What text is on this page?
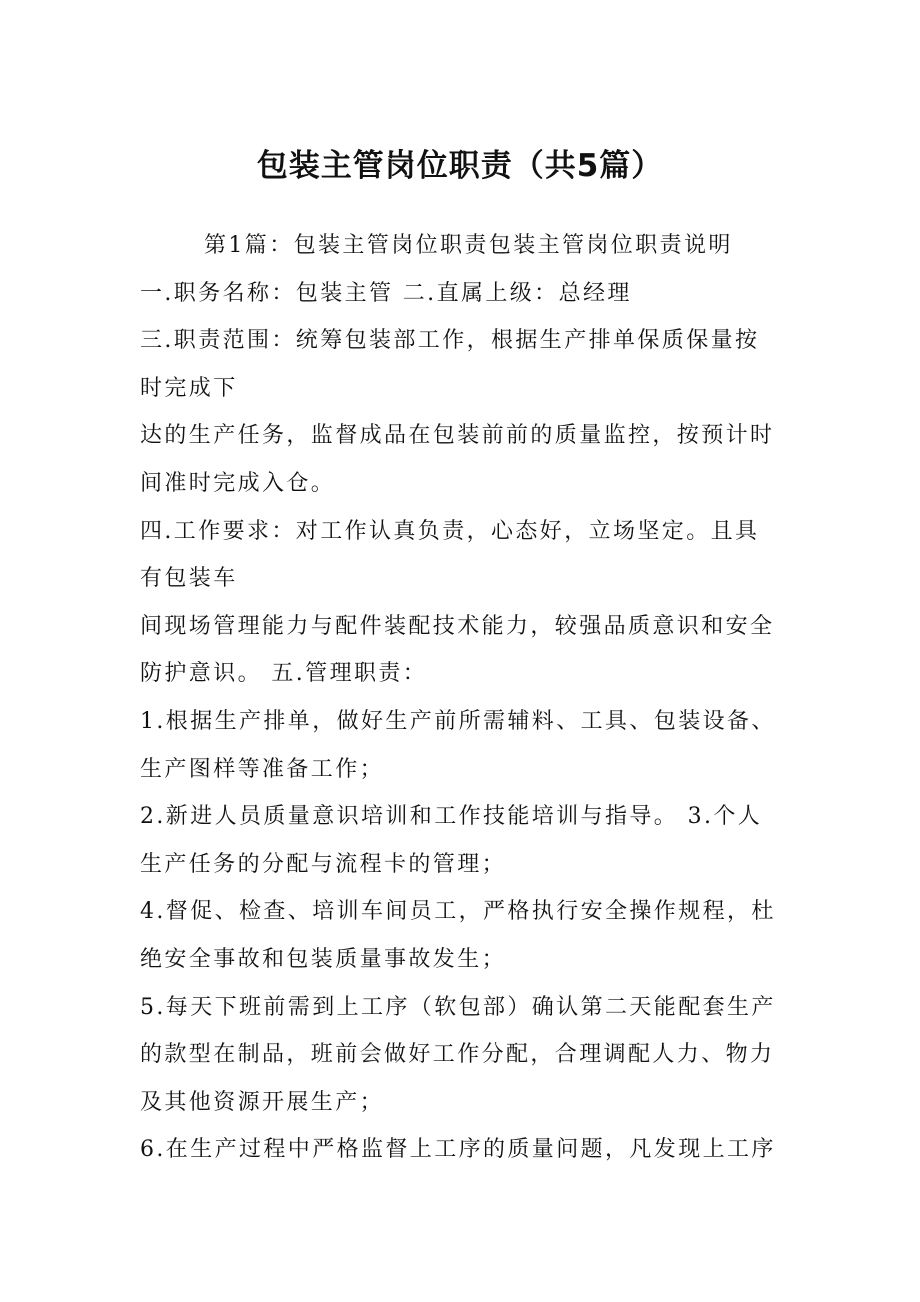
包装主管岗位职责（共5篇）
第1篇：包装主管岗位职责包装主管岗位职责说明
一.职务名称：包装主管 二.直属上级：总经理
三.职责范围：统筹包装部工作，根据生产排单保质保量按
时完成下
达的生产任务，监督成品在包装前前的质量监控，按预计时
间准时完成入仓。
四.工作要求：对工作认真负责，心态好，立场坚定。且具
有包装车
间现场管理能力与配件装配技术能力，较强品质意识和安全
防护意识。 五.管理职责：
1.根据生产排单，做好生产前所需辅料、工具、包装设备、
生产图样等准备工作；
2.新进人员质量意识培训和工作技能培训与指导。 3.个人
生产任务的分配与流程卡的管理；
4.督促、检查、培训车间员工，严格执行安全操作规程，杜
绝安全事故和包装质量事故发生；
5.每天下班前需到上工序（软包部）确认第二天能配套生产
的款型在制品，班前会做好工作分配，合理调配人力、物力
及其他资源开展生产；
6.在生产过程中严格监督上工序的质量问题，凡发现上工序
